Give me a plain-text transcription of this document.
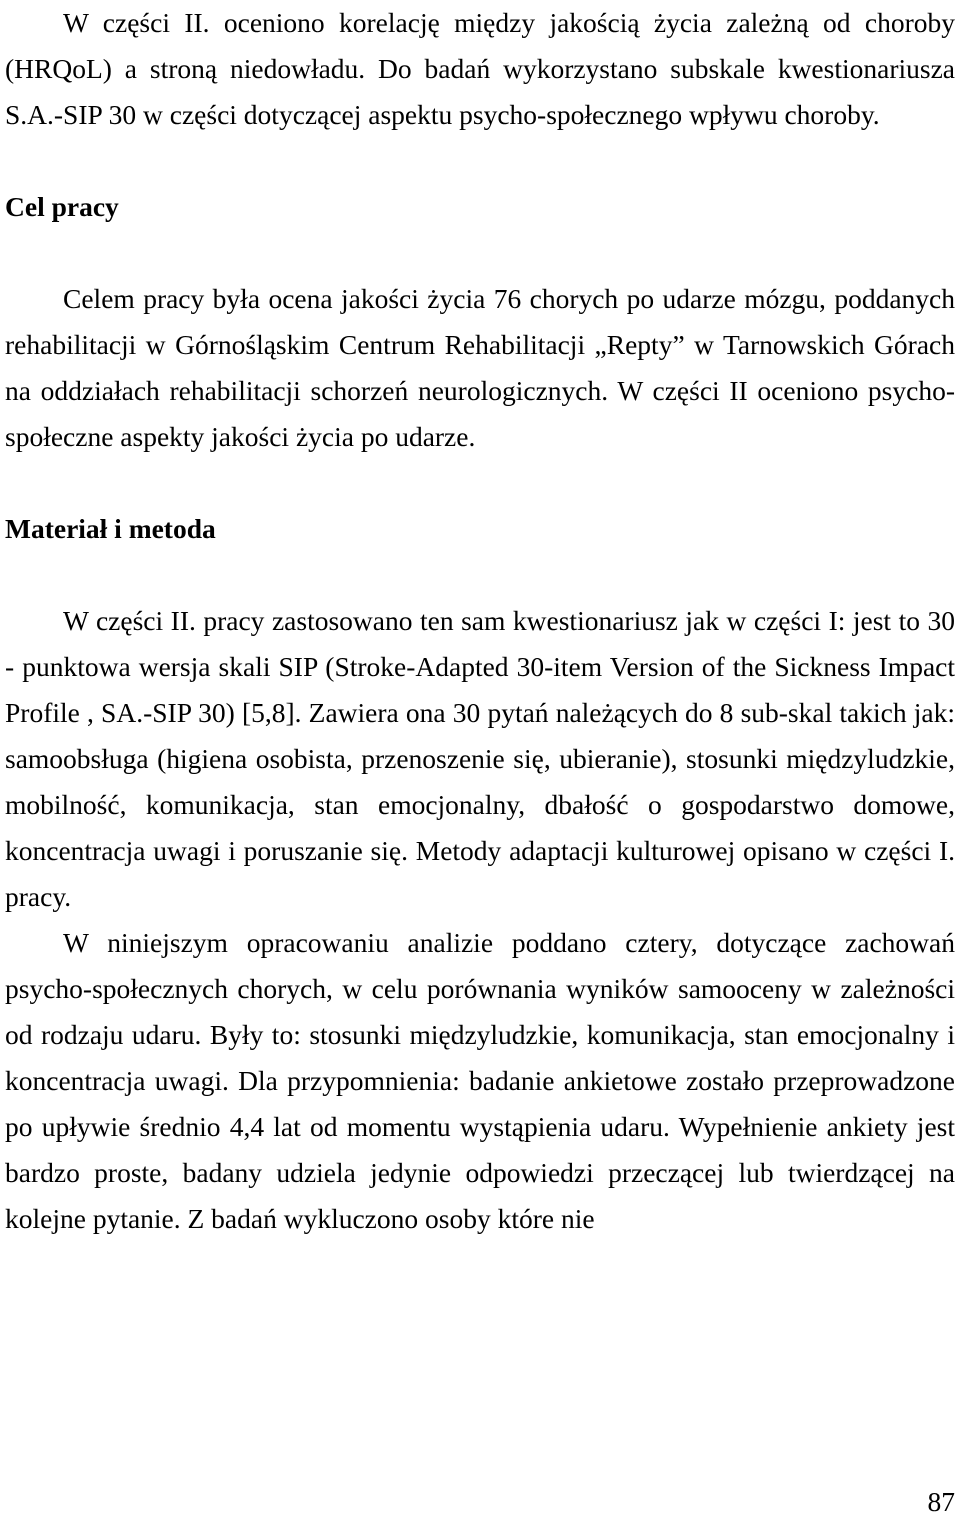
W części II. oceniono korelację między jakością życia zależną od choroby (HRQoL) a stroną niedowładu. Do badań wykorzystano subskale kwestionariusza S.A.-SIP 30 w części dotyczącej aspektu psycho-społecznego wpływu choroby.

Cel pracy

Celem pracy była ocena jakości życia 76 chorych po udarze mózgu, poddanych rehabilitacji w Górnośląskim Centrum Rehabilitacji „Repty” w Tarnowskich Górach na oddziałach rehabilitacji schorzeń neurologicznych. W części II oceniono psycho-społeczne aspekty jakości życia po udarze.

Materiał i metoda

W części II. pracy zastosowano ten sam kwestionariusz jak w części I: jest to 30 - punktowa wersja skali SIP (Stroke-Adapted 30-item Version of the Sickness Impact Profile , SA.-SIP 30) [5,8]. Zawiera ona 30 pytań należących do 8 sub-skal takich jak: samoobsługa (higiena osobista, przenoszenie się, ubieranie), stosunki międzyludzkie, mobilność, komunikacja, stan emocjonalny, dbałość o gospodarstwo domowe, koncentracja uwagi i poruszanie się. Metody adaptacji kulturowej opisano w części I. pracy.

W niniejszym opracowaniu analizie poddano cztery, dotyczące zachowań psycho-społecznych chorych, w celu porównania wyników samooceny w zależności od rodzaju udaru. Były to: stosunki międzyludzkie, komunikacja, stan emocjonalny i koncentracja uwagi. Dla przypomnienia: badanie ankietowe zostało przeprowadzone po upływie średnio 4,4 lat od momentu wystąpienia udaru. Wypełnienie ankiety jest bardzo proste, badany udziela jedynie odpowiedzi przeczącej lub twierdzącej na kolejne pytanie. Z badań wykluczono osoby które nie

87
